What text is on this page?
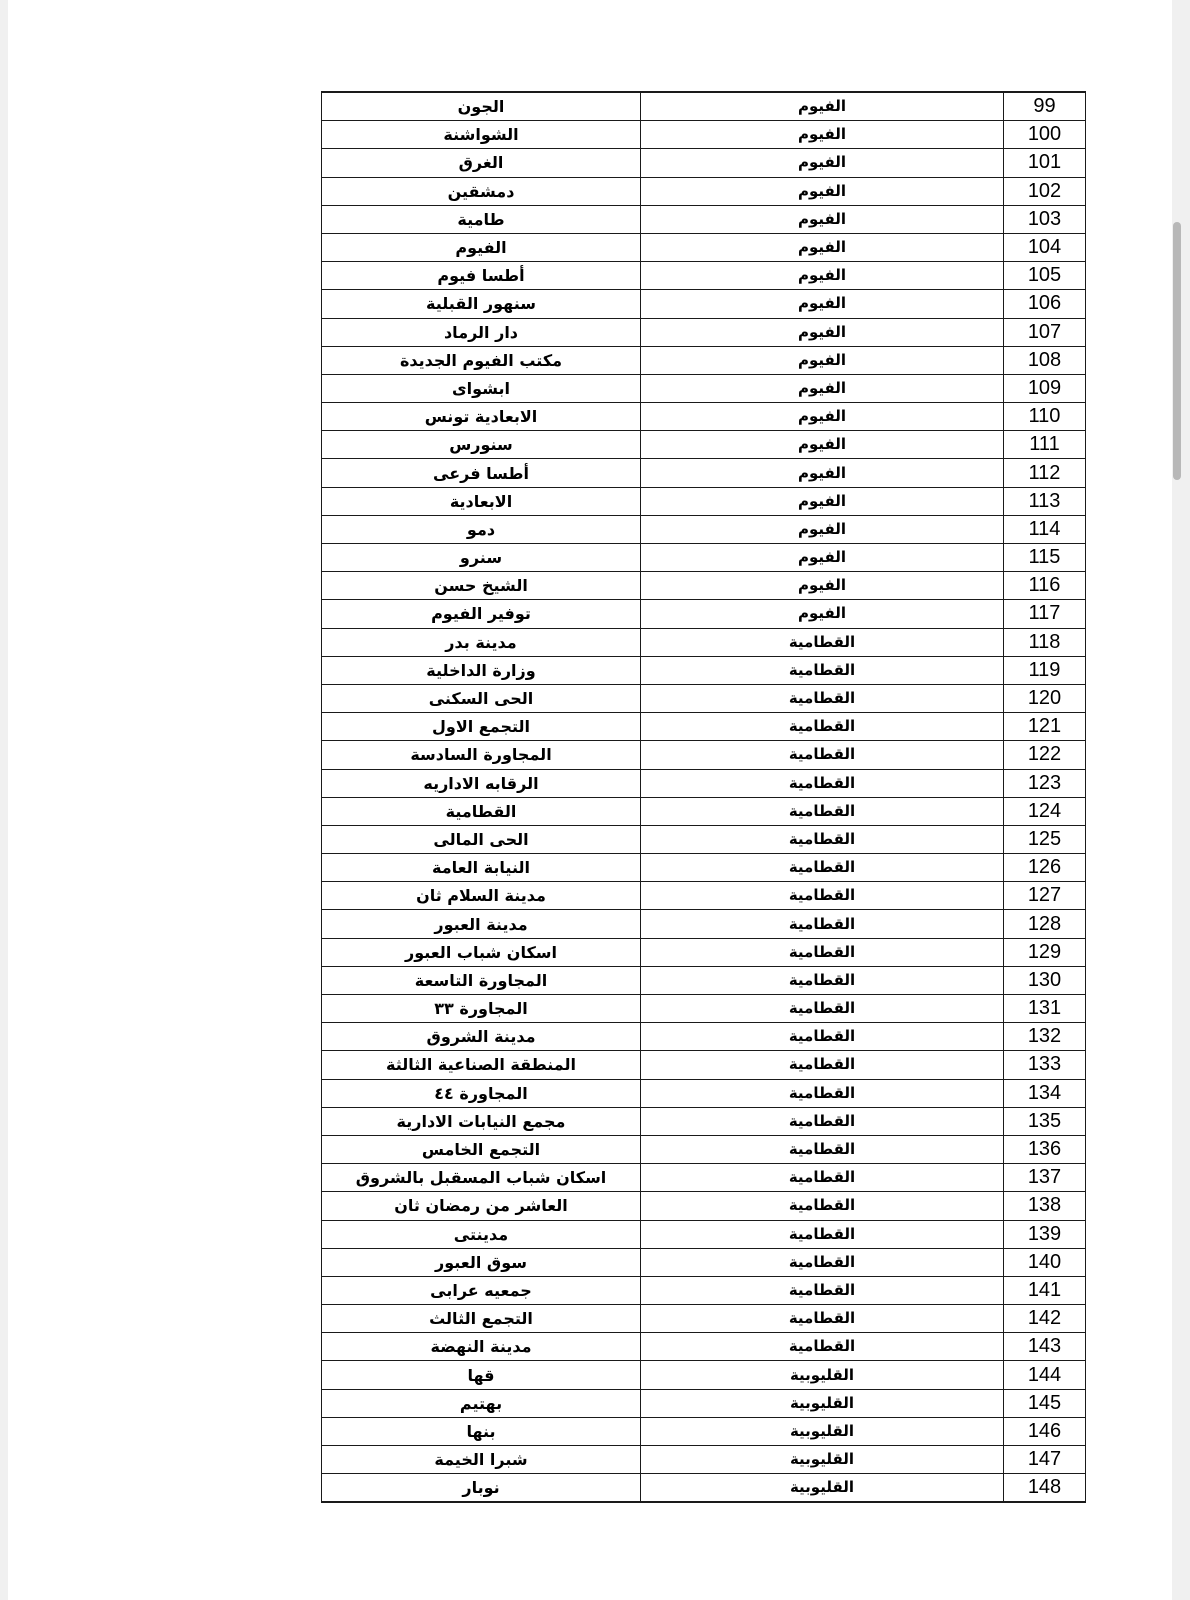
الجون	الفيوم	99
الشواشنة	الفيوم	100
الغرق	الفيوم	101
دمشقين	الفيوم	102
طامية	الفيوم	103
الفيوم	الفيوم	104
أطسا فيوم	الفيوم	105
سنهور القبلية	الفيوم	106
دار الرماد	الفيوم	107
مكتب الفيوم الجديدة	الفيوم	108
ابشواى	الفيوم	109
الابعادية تونس	الفيوم	110
سنورس	الفيوم	111
أطسا فرعى	الفيوم	112
الابعادية	الفيوم	113
دمو	الفيوم	114
سنرو	الفيوم	115
الشيخ حسن	الفيوم	116
توفير الفيوم	الفيوم	117
مدينة بدر	القطامية	118
وزارة الداخلية	القطامية	119
الحى السكنى	القطامية	120
التجمع الاول	القطامية	121
المجاورة السادسة	القطامية	122
الرقابه الاداريه	القطامية	123
القطامية	القطامية	124
الحى المالى	القطامية	125
النيابة العامة	القطامية	126
مدينة السلام ثان	القطامية	127
مدينة العبور	القطامية	128
اسكان شباب العبور	القطامية	129
المجاورة التاسعة	القطامية	130
المجاورة ٣٣	القطامية	131
مدينة الشروق	القطامية	132
المنطقة الصناعية الثالثة	القطامية	133
المجاورة ٤٤	القطامية	134
مجمع النيابات الادارية	القطامية	135
التجمع الخامس	القطامية	136
اسكان شباب المسقبل بالشروق	القطامية	137
العاشر من رمضان ثان	القطامية	138
مدينتى	القطامية	139
سوق العبور	القطامية	140
جمعيه عرابى	القطامية	141
التجمع الثالث	القطامية	142
مدينة النهضة	القطامية	143
قها	القليوبية	144
بهتيم	القليوبية	145
بنها	القليوبية	146
شبرا الخيمة	القليوبية	147
نوبار	القليوبية	148
